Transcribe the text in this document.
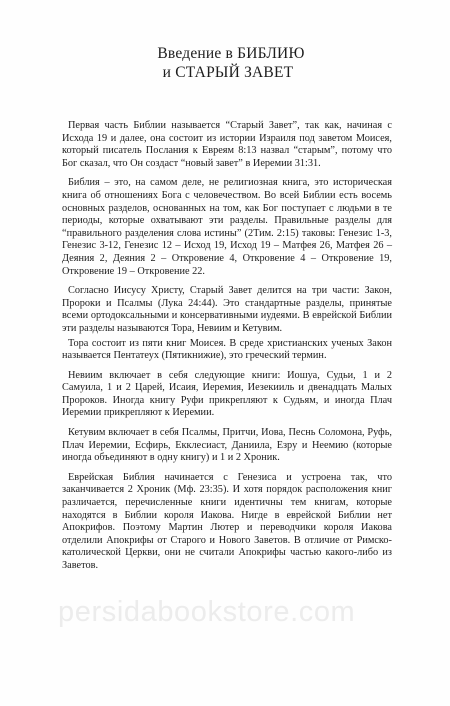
persidabookstore.com
Введение в БИБЛИЮ
и СТАРЫЙ ЗАВЕТ

Первая часть Библии называется “Старый Завет”, так как, начиная с Исхода 19 и далее, она состоит из истории Израиля под заветом Моисея, который писатель Послания к Евреям 8:13 назвал “старым”, потому что Бог сказал, что Он создаст “новый завет” в Иеремии 31:31.

Библия – это, на самом деле, не религиозная книга, это историческая книга об отношениях Бога с человечеством. Во всей Библии есть восемь основных разделов, основанных на том, как Бог поступает с людьми в те периоды, которые охватывают эти разделы. Правильные разделы для “правильного разделения слова истины” (2Тим. 2:15) таковы: Генезис 1-3, Генезис 3-12, Генезис 12 – Исход 19, Исход 19 – Матфея 26, Матфея 26 – Деяния 2, Деяния 2 – Откровение 4, Откровение 4 – Откровение 19, Откровение 19 – Откровение 22.

Согласно Иисусу Христу, Старый Завет делится на три части: Закон, Пророки и Псалмы (Лука 24:44). Это стандартные разделы, принятые всеми ортодоксальными и консервативными иудеями. В еврейской Библии эти разделы называются Тора, Невиим и Кетувим.

Тора состоит из пяти книг Моисея. В среде христианских ученых Закон называется Пентатеух (Пятикнижие), это греческий термин.

Невиим включает в себя следующие книги: Иошуа, Судьи, 1 и 2 Самуила, 1 и 2 Царей, Исаия, Иеремия, Иезекииль и двенадцать Малых Пророков. Иногда книгу Руфи прикрепляют к Судьям, и иногда Плач Иеремии прикрепляют к Иеремии.

Кетувим включает в себя Псалмы, Притчи, Иова, Песнь Соломона, Руфь, Плач Иеремии, Есфирь, Екклесиаст, Даниила, Езру и Неемию (которые иногда объединяют в одну книгу) и 1 и 2 Хроник.

Еврейская Библия начинается с Генезиса и устроена так, что заканчивается 2 Хроник (Мф. 23:35). И хотя порядок расположения книг различается, перечисленные книги идентичны тем книгам, которые находятся в Библии короля Иакова. Нигде в еврейской Библии нет Апокрифов. Поэтому Мартин Лютер и переводчики короля Иакова отделили Апокрифы от Старого и Нового Заветов. В отличие от Римско-католической Церкви, они не считали Апокрифы частью какого-либо из Заветов.
